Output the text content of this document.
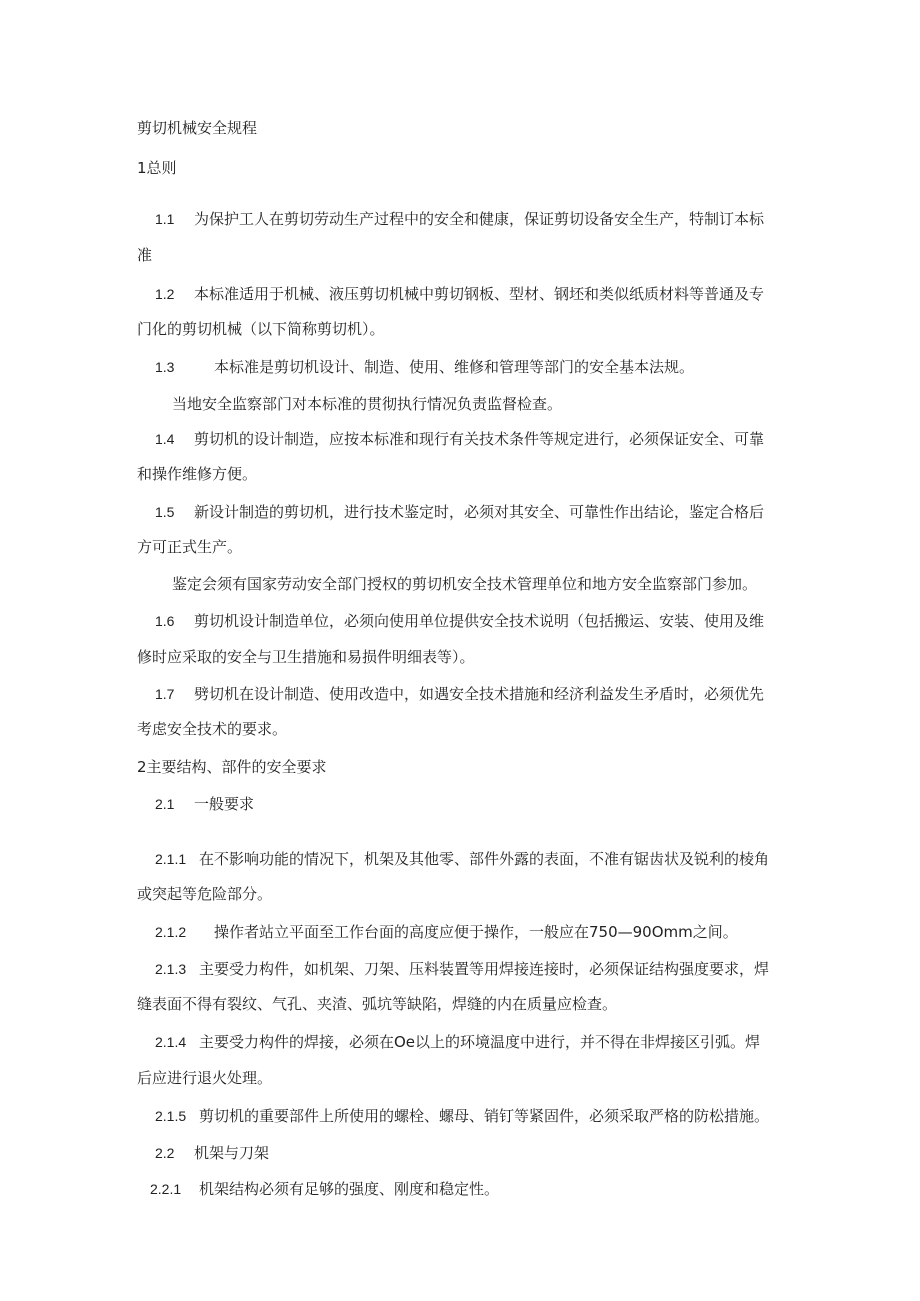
剪切机械安全规程
1总则
1.1 为保护工人在剪切劳动生产过程中的安全和健康，保证剪切设备安全生产，特制订本标
准
1.2 本标准适用于机械、液压剪切机械中剪切钢板、型材、钢坯和类似纸质材料等普通及专
门化的剪切机械（以下简称剪切机）。
1.3	本标准是剪切机设计、制造、使用、维修和管理等部门的安全基本法规。
当地安全监察部门对本标准的贯彻执行情况负责监督检查。
1.4 剪切机的设计制造，应按本标准和现行有关技术条件等规定进行，必须保证安全、可靠
和操作维修方便。
1.5 新设计制造的剪切机，进行技术鉴定时，必须对其安全、可靠性作出结论，鉴定合格后
方可正式生产。
鉴定会须有国家劳动安全部门授权的剪切机安全技术管理单位和地方安全监察部门参加。
1.6 剪切机设计制造单位，必须向使用单位提供安全技术说明（包括搬运、安装、使用及维
修时应采取的安全与卫生措施和易损件明细表等）。
1.7 劈切机在设计制造、使用改造中，如遇安全技术措施和经济利益发生矛盾时，必须优先
考虑安全技术的要求。
2主要结构、部件的安全要求
2.1 一般要求
2.1.1 在不影响功能的情况下，机架及其他零、部件外露的表面，不准有锯齿状及锐利的棱角
或突起等危险部分。
2.1.2 操作者站立平面至工作台面的高度应便于操作，一般应在750—90Omm之间。
2.1.3 主要受力构件，如机架、刀架、压料装置等用焊接连接时，必须保证结构强度要求，焊
缝表面不得有裂纹、气孔、夹渣、弧坑等缺陷，焊缝的内在质量应检查。
2.1.4 主要受力构件的焊接，必须在Oe以上的环境温度中进行，并不得在非焊接区引弧。焊
后应进行退火处理。
2.1.5 剪切机的重要部件上所使用的螺栓、螺母、销钉等紧固件，必须采取严格的防松措施。
2.2 机架与刀架
2.2.1 机架结构必须有足够的强度、刚度和稳定性。
